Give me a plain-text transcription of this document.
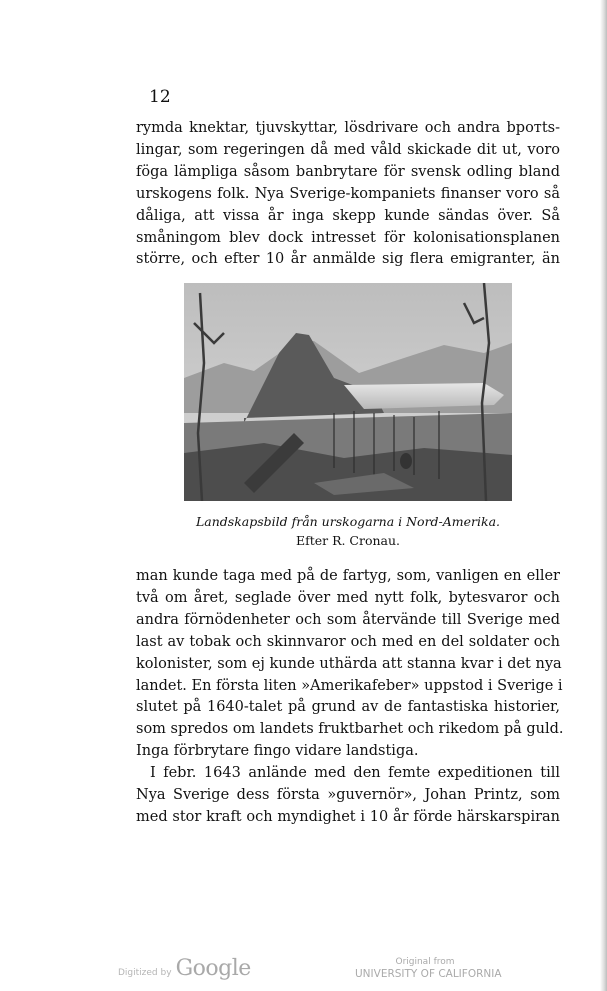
12
rymda knektar, tjuvskyttar, lösdrivare och andra bротts-
lingar, som regeringen då med våld skickade dit ut, voro
föga lämpliga såsom banbrytare för svensk odling bland
urskogens folk. Nya Sverige-kompaniets finanser voro så
dåliga, att vissa år inga skepp kunde sändas över. Så
småningom blev dock intresset för kolonisationsplanen
större, och efter 10 år anmälde sig flera emigranter, än
Landskapsbild från urskogarna i Nord-Amerika.
Efter R. Cronau.
man kunde taga med på de fartyg, som, vanligen en eller
två om året, seglade över med nytt folk, bytesvaror och
andra förnödenheter och som återvände till Sverige med
last av tobak och skinnvaror och med en del soldater och
kolonister, som ej kunde uthärda att stanna kvar i det nya
landet. En första liten »Amerikafeber» uppstod i Sverige i
slutet på 1640-talet på grund av de fantastiska historier,
som spredos om landets fruktbarhet och rikedom på guld.
Inga förbrytare fingo vidare landstiga.
I febr. 1643 anlände med den femte expeditionen till
Nya Sverige dess första »guvernör», Johan Printz, som
med stor kraft och myndighet i 10 år förde härskarspiran
Digitized by Google	Original from
UNIVERSITY OF CALIFORNIA
